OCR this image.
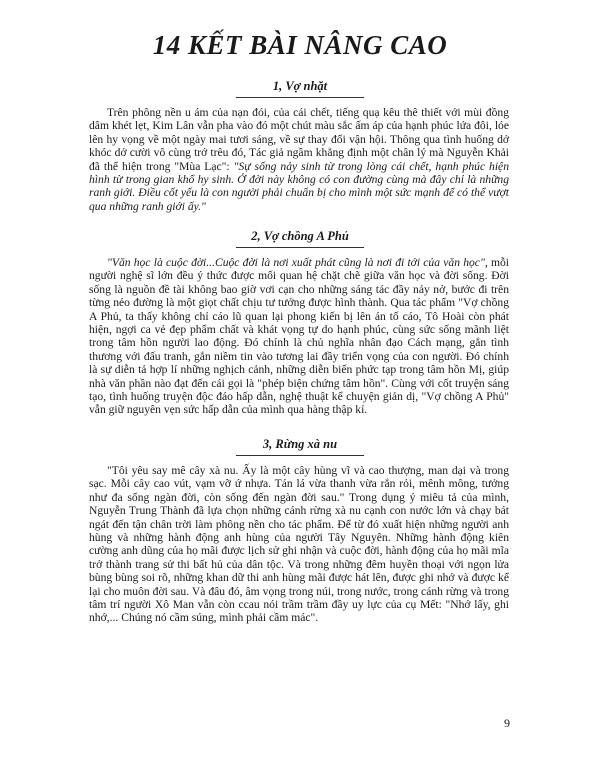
14 KẾT BÀI NÂNG CAO
1, Vợ nhặt

Trên phông nền u ám của nạn đói, của cái chết, tiếng quạ kêu thê thiết với mùi đồng dâm khét lẹt, Kim Lân vẫn pha vào đó một chút màu sắc ấm áp của hạnh phúc lứa đôi, lóe lên hy vọng về một ngày mai tươi sáng, về sự thay đổi vận hội. Thông qua tình huống dở khóc dở cười vô cùng trớ trêu đó, Tác giả ngầm khẳng định một chân lý mà Nguyễn Khải đã thể hiện trong "Mùa Lạc": "Sự sống nảy sinh từ trong lòng cái chết, hạnh phúc hiện hình từ trong gian khổ hy sinh. Ở đời này không có con đường cùng mà đây chỉ là những ranh giới. Điều cốt yếu là con người phải chuẩn bị cho mình một sức mạnh để có thể vượt qua những ranh giới ấy."

2, Vợ chồng A Phủ

"Văn học là cuộc đời...Cuộc đời là nơi xuất phát cũng là nơi đi tới của văn học", mỗi người nghệ sĩ lớn đều ý thức được mối quan hệ chặt chẽ giữa văn học và đời sống. Đời sống là nguồn đề tài không bao giờ vơi cạn cho những sáng tác đầy nảy nở, bước đi trên từng nẻo đường là một giọt chất chịu tư tưởng được hình thành. Qua tác phẩm "Vợ chồng A Phủ, ta thấy không chỉ cáo lũ quan lại phong kiến bị lên án tố cáo, Tô Hoài còn phát hiện, ngợi ca vẻ đẹp phẩm chất và khát vọng tự do hạnh phúc, cùng sức sống mãnh liệt trong tâm hồn người lao động. Đó chính là chủ nghĩa nhân đạo Cách mạng, gắn tình thương với đấu tranh, gắn niềm tin vào tương lai đầy triển vọng của con người. Đó chính là sự diễn tả hợp lí những nghịch cảnh, những diễn biến phức tạp trong tâm hồn Mị, giúp nhà văn phần nào đạt đến cái gọi là "phép biện chứng tâm hồn". Cùng với cốt truyện sáng tạo, tình huống truyện độc đáo hấp dẫn, nghệ thuật kể chuyện giản dị, "Vợ chồng A Phủ" vẫn giữ nguyên vẹn sức hấp dẫn của mình qua hàng thập kỉ.

3, Rừng xà nu

"Tôi yêu say mê cây xà nu. Ấy là một cây hùng vĩ và cao thượng, man dại và trong sạc. Mỗi cây cao vút, vạm vỡ ứ nhựa. Tán lá vừa thanh vừa rắn rỏi, mênh mông, tưởng như đa sống ngàn đời, còn sống đến ngàn đời sau." Trong dụng ý miêu tả của mình, Nguyễn Trung Thành đã lựa chọn những cánh rừng xà nu cạnh con nước lớn và chạy bát ngát đến tận chân trời làm phông nền cho tác phẩm. Để từ đó xuất hiện những người anh hùng và những hành động anh hùng của người Tây Nguyên. Những hành động kiên cường anh dũng của họ mãi được lịch sử ghi nhận và cuộc đời, hành động của họ mãi mĩa trở thành trang sử thi bất hủ của dân tộc. Và trong những đêm huyền thoại với ngọn lửa bùng bùng soi rõ, những khan dữ thi anh hùng mãi được hát lên, được ghi nhớ và được kể lại cho muôn đời sau. Và đâu đó, âm vọng trong núi, trong nước, trong cánh rừng và trong tâm trí người Xô Man vẫn còn ccau nói trầm trầm đầy uy lực của cụ Mết: "Nhớ lấy, ghi nhớ,... Chúng nó cầm súng, mình phải cầm mác".

9
